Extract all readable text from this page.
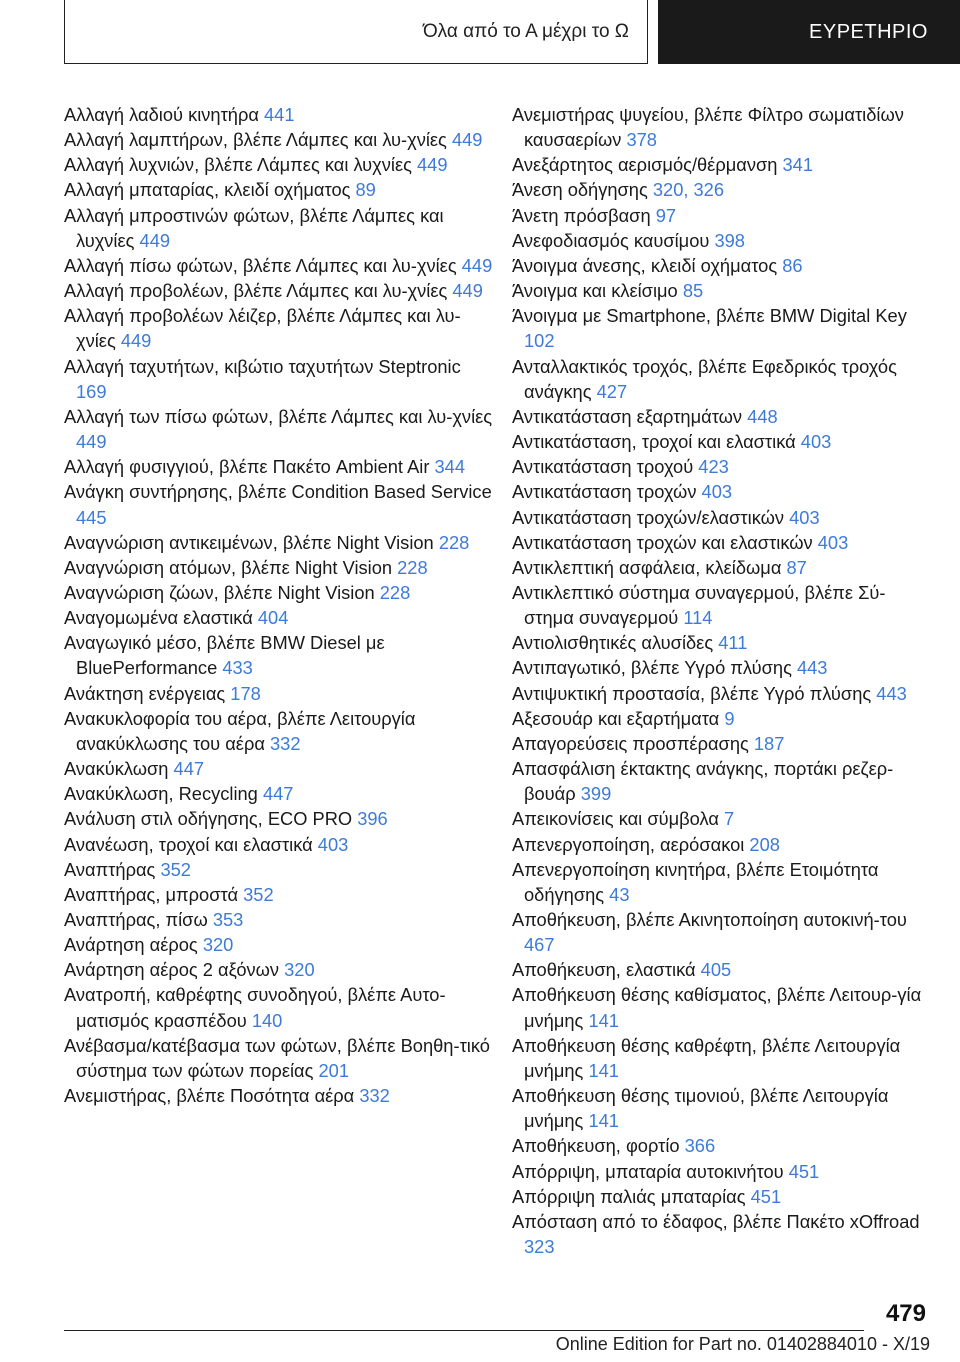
Όλα από το Α μέχρι το Ω	ΕΥΡΕΤΗΡΙΟ
Αλλαγή λαδιού κινητήρα 441
Αλλαγή λαμπτήρων, βλέπε Λάμπες και λυ‐χνίες 449
Αλλαγή λυχνιών, βλέπε Λάμπες και λυχνίες 449
Αλλαγή μπαταρίας, κλειδί οχήματος 89
Αλλαγή μπροστινών φώτων, βλέπε Λάμπες και λυχνίες 449
Αλλαγή πίσω φώτων, βλέπε Λάμπες και λυ‐χνίες 449
Αλλαγή προβολέων, βλέπε Λάμπες και λυ‐χνίες 449
Αλλαγή προβολέων λέιζερ, βλέπε Λάμπες και λυ‐χνίες 449
Αλλαγή ταχυτήτων, κιβώτιο ταχυτήτων Steptronic 169
Αλλαγή των πίσω φώτων, βλέπε Λάμπες και λυ‐χνίες 449
Αλλαγή φυσιγγιού, βλέπε Πακέτο Ambient Air 344
Ανάγκη συντήρησης, βλέπε Condition Based Service 445
Αναγνώριση αντικειμένων, βλέπε Night Vision 228
Αναγνώριση ατόμων, βλέπε Night Vision 228
Αναγνώριση ζώων, βλέπε Night Vision 228
Αναγομωμένα ελαστικά 404
Αναγωγικό μέσο, βλέπε BMW Diesel με BluePerformance 433
Ανάκτηση ενέργειας 178
Ανακυκλοφορία του αέρα, βλέπε Λειτουργία ανακύκλωσης του αέρα 332
Ανακύκλωση 447
Ανακύκλωση, Recycling 447
Ανάλυση στιλ οδήγησης, ECO PRO 396
Ανανέωση, τροχοί και ελαστικά 403
Αναπτήρας 352
Αναπτήρας, μπροστά 352
Αναπτήρας, πίσω 353
Ανάρτηση αέρος 320
Ανάρτηση αέρος 2 αξόνων 320
Ανατροπή, καθρέφτης συνοδηγού, βλέπε Αυτο‐ματισμός κρασπέδου 140
Ανέβασμα/κατέβασμα των φώτων, βλέπε Βοηθη‐τικό σύστημα των φώτων πορείας 201
Ανεμιστήρας, βλέπε Ποσότητα αέρα 332
Ανεμιστήρας ψυγείου, βλέπε Φίλτρο σωματιδίων καυσαερίων 378
Ανεξάρτητος αερισμός/θέρμανση 341
Άνεση οδήγησης 320, 326
Άνετη πρόσβαση 97
Ανεφοδιασμός καυσίμου 398
Άνοιγμα άνεσης, κλειδί οχήματος 86
Άνοιγμα και κλείσιμο 85
Άνοιγμα με Smartphone, βλέπε BMW Digital Key 102
Ανταλλακτικός τροχός, βλέπε Εφεδρικός τροχός ανάγκης 427
Αντικατάσταση εξαρτημάτων 448
Αντικατάσταση, τροχοί και ελαστικά 403
Αντικατάσταση τροχού 423
Αντικατάσταση τροχών 403
Αντικατάσταση τροχών/ελαστικών 403
Αντικατάσταση τροχών και ελαστικών 403
Αντικλεπτική ασφάλεια, κλείδωμα 87
Αντικλεπτικό σύστημα συναγερμού, βλέπε Σύ‐στημα συναγερμού 114
Αντιολισθητικές αλυσίδες 411
Αντιπαγωτικό, βλέπε Υγρό πλύσης 443
Αντιψυκτική προστασία, βλέπε Υγρό πλύσης 443
Αξεσουάρ και εξαρτήματα 9
Απαγορεύσεις προσπέρασης 187
Απασφάλιση έκτακτης ανάγκης, πορτάκι ρεζερ‐βουάρ 399
Απεικονίσεις και σύμβολα 7
Απενεργοποίηση, αερόσακοι 208
Απενεργοποίηση κινητήρα, βλέπε Ετοιμότητα οδήγησης 43
Αποθήκευση, βλέπε Ακινητοποίηση αυτοκινή‐του 467
Αποθήκευση, ελαστικά 405
Αποθήκευση θέσης καθίσματος, βλέπε Λειτουρ‐γία μνήμης 141
Αποθήκευση θέσης καθρέφτη, βλέπε Λειτουργία μνήμης 141
Αποθήκευση θέσης τιμονιού, βλέπε Λειτουργία μνήμης 141
Αποθήκευση, φορτίο 366
Απόρριψη, μπαταρία αυτοκινήτου 451
Απόρριψη παλιάς μπαταρίας 451
Απόσταση από το έδαφος, βλέπε Πακέτο xOffroad 323
479
Online Edition for Part no. 01402884010 - X/19
